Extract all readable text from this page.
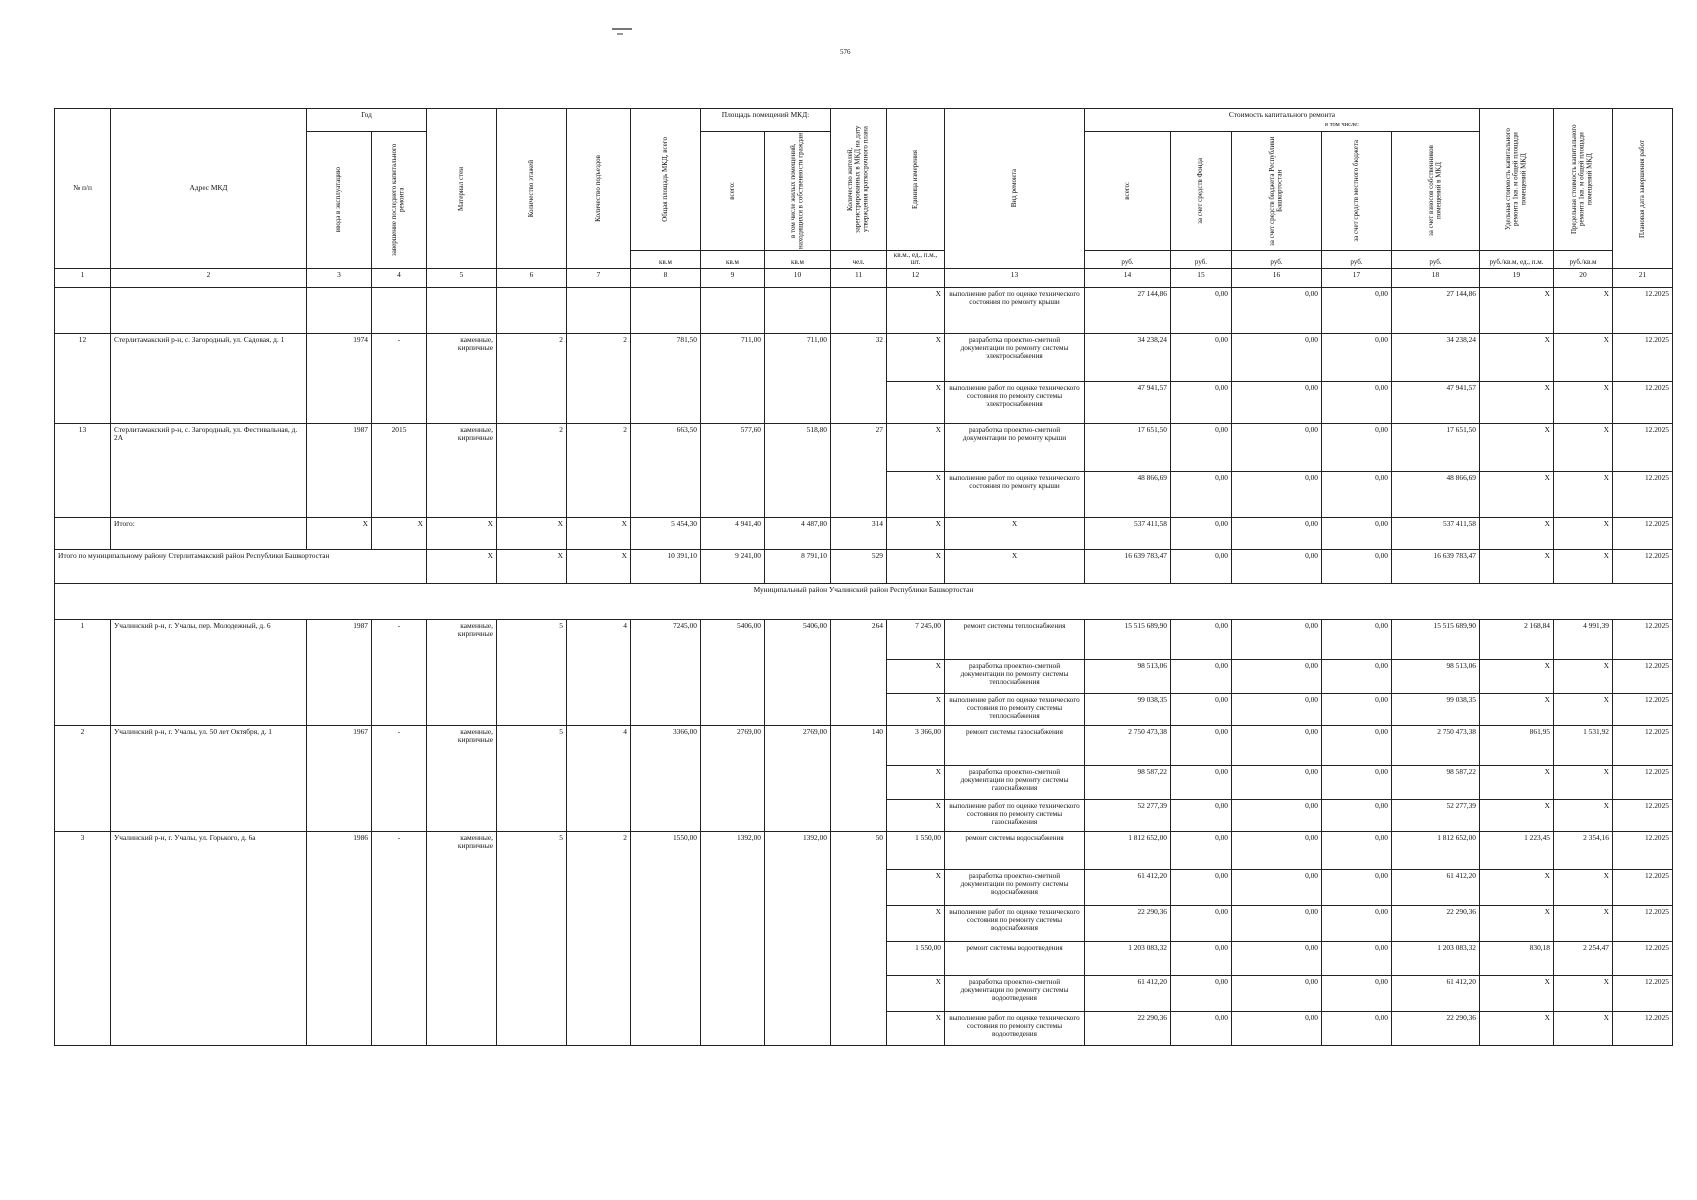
576
№ п/п	Адрес МКД	Год		Материал стен	Количество этажей	Количество подъездов	Общая площадь МКД, всего	Площадь помещений МКД:		Количество жителей, зарегистрированных в МКД на дату утверждения краткосрочного плана	Единица измерения	Вид ремонта	Стоимость капитального ремонта
в том числе:					Удельная стоимость капитального ремонта 1кв. м общей площади помещений МКД	Предельная стоимость капитального ремонта 1кв. м общей площади помещений МКД	Плановая дата завершения работ

		ввода в эксплуатацию	завершение последнего капитального ремонта					всего:	в том числе жилых помещений, находящихся в собственности граждан				всего:	за счет средств Фонда	за счет средств бюджета Республики Башкортостан	за счет средств местного бюджета	за счет взносов собственников помещений в МКД			

							кв.м	кв.м	кв.м	чел.	кв.м., ед., п.м., шт.		руб.	руб.	руб.	руб.	руб.	руб./кв.м, ед., п.м.	руб./кв.м	
1	2	3	4	5	6	7	8	9	10	11	12	13	14	15	16	17	18	19	20	21
											X	выполнение работ по оценке технического состояния по ремонту крыши	27 144,86	0,00	0,00	0,00	27 144,86	X	X	12.2025
12	Стерлитамакский р-н, с. Загородный, ул. Садовая, д. 1	1974	-	каменные, кирпичные	2	2	781,50	711,00	711,00	32	X	разработка проектно-сметной документации по ремонту системы электроснабжения	34 238,24	0,00	0,00	0,00	34 238,24	X	X	12.2025
											X	выполнение работ по оценке технического состояния по ремонту системы электроснабжения	47 941,57	0,00	0,00	0,00	47 941,57	X	X	12.2025
13	Стерлитамакский р-н, с. Загородный, ул. Фестивальная, д. 2А	1987	2015	каменные, кирпичные	2	2	663,50	577,60	518,80	27	X	разработка проектно-сметной документации по ремонту крыши	17 651,50	0,00	0,00	0,00	17 651,50	X	X	12.2025
											X	выполнение работ по оценке технического состояния по ремонту крыши	48 866,69	0,00	0,00	0,00	48 866,69	X	X	12.2025
	Итого:	X	X	X	X	X	5 454,30	4 941,40	4 487,80	314	X	X	537 411,58	0,00	0,00	0,00	537 411,58	X	X	12.2025
Итого по муниципальному району Стерлитамакский район Республики Башкортостан				X	X	X	10 391,10	9 241,00	8 791,10	529	X	X	16 639 783,47	0,00	0,00	0,00	16 639 783,47	X	X	12.2025
Муниципальный район Учалинский район Республики Башкортостан																				
1	Учалинский р-н, г. Учалы, пер. Молодежный, д. 6	1987	-	каменные, кирпичные	5	4	7245,00	5406,00	5406,00	264	7 245,00	ремонт системы теплоснабжения	15 515 689,90	0,00	0,00	0,00	15 515 689,90	2 168,84	4 991,39	12.2025
											X	разработка проектно-сметной документации по ремонту системы теплоснабжения	98 513,06	0,00	0,00	0,00	98 513,06	X	X	12.2025
											X	выполнение работ по оценке технического состояния по ремонту системы теплоснабжения	99 038,35	0,00	0,00	0,00	99 038,35	X	X	12.2025
2	Учалинский р-н, г. Учалы, ул. 50 лет Октября, д. 1	1967	-	каменные, кирпичные	5	4	3366,00	2769,00	2769,00	140	3 366,00	ремонт системы газоснабжения	2 750 473,38	0,00	0,00	0,00	2 750 473,38	861,95	1 531,92	12.2025
											X	разработка проектно-сметной документации по ремонту системы газоснабжения	98 587,22	0,00	0,00	0,00	98 587,22	X	X	12.2025
											X	выполнение работ по оценке технического состояния по ремонту системы газоснабжения	52 277,39	0,00	0,00	0,00	52 277,39	X	X	12.2025
3	Учалинский р-н, г. Учалы, ул. Горького, д. 6а	1986	-	каменные, кирпичные	5	2	1550,00	1392,00	1392,00	50	1 550,00	ремонт системы водоснабжения	1 812 652,00	0,00	0,00	0,00	1 812 652,00	1 223,45	2 354,16	12.2025
											X	разработка проектно-сметной документации по ремонту системы водоснабжения	61 412,20	0,00	0,00	0,00	61 412,20	X	X	12.2025
											X	выполнение работ по оценке технического состояния по ремонту системы водоснабжения	22 290,36	0,00	0,00	0,00	22 290,36	X	X	12.2025
											1 550,00	ремонт системы водоотведения	1 203 083,32	0,00	0,00	0,00	1 203 083,32	830,18	2 254,47	12.2025
											X	разработка проектно-сметной документации по ремонту системы водоотведения	61 412,20	0,00	0,00	0,00	61 412,20	X	X	12.2025
											X	выполнение работ по оценке технического состояния по ремонту системы водоотведения	22 290,36	0,00	0,00	0,00	22 290,36	X	X	12.2025
